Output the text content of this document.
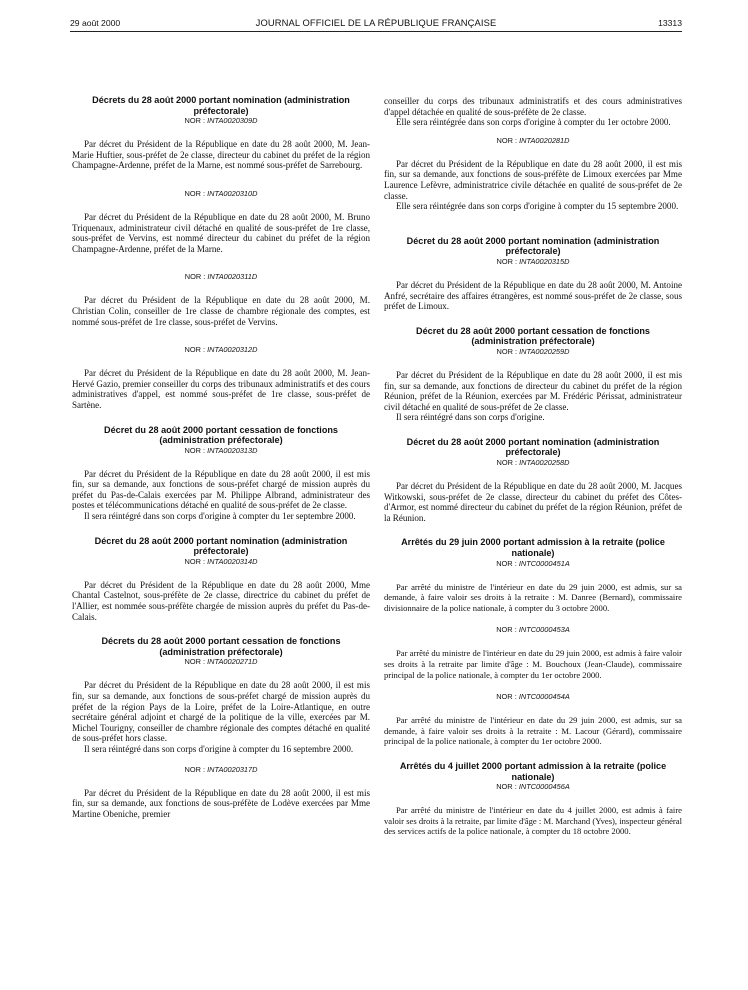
29 août 2000	JOURNAL OFFICIEL DE LA RÉPUBLIQUE FRANÇAISE	13313
Décrets du 28 août 2000 portant nomination (administration préfectorale)
NOR : INTA0020309D

Par décret du Président de la République en date du 28 août 2000, M. Jean-Marie Huftier, sous-préfet de 2e classe, directeur du cabinet du préfet de la région Champagne-Ardenne, préfet de la Marne, est nommé sous-préfet de Sarrebourg.

NOR : INTA0020310D

Par décret du Président de la République en date du 28 août 2000, M. Bruno Triquenaux, administrateur civil détaché en qualité de sous-préfet de 1re classe, sous-préfet de Vervins, est nommé directeur du cabinet du préfet de la région Champagne-Ardenne, préfet de la Marne.

NOR : INTA0020311D

Par décret du Président de la République en date du 28 août 2000, M. Christian Colin, conseiller de 1re classe de chambre régionale des comptes, est nommé sous-préfet de 1re classe, sous-préfet de Vervins.

NOR : INTA0020312D

Par décret du Président de la République en date du 28 août 2000, M. Jean-Hervé Gazio, premier conseiller du corps des tribunaux administratifs et des cours administratives d'appel, est nommé sous-préfet de 1re classe, sous-préfet de Sartène.

Décret du 28 août 2000 portant cessation de fonctions (administration préfectorale)
NOR : INTA0020313D

Par décret du Président de la République en date du 28 août 2000, il est mis fin, sur sa demande, aux fonctions de sous-préfet chargé de mission auprès du préfet du Pas-de-Calais exercées par M. Philippe Albrand, administrateur des postes et télécommunications détaché en qualité de sous-préfet de 2e classe.

Il sera réintégré dans son corps d'origine à compter du 1er septembre 2000.

Décret du 28 août 2000 portant nomination (administration préfectorale)
NOR : INTA0020314D

Par décret du Président de la République en date du 28 août 2000, Mme Chantal Castelnot, sous-préfète de 2e classe, directrice du cabinet du préfet de l'Allier, est nommée sous-préfète chargée de mission auprès du préfet du Pas-de-Calais.

Décrets du 28 août 2000 portant cessation de fonctions (administration préfectorale)
NOR : INTA0020271D

Par décret du Président de la République en date du 28 août 2000, il est mis fin, sur sa demande, aux fonctions de sous-préfet chargé de mission auprès du préfet de la région Pays de la Loire, préfet de la Loire-Atlantique, en outre secrétaire général adjoint et chargé de la politique de la ville, exercées par M. Michel Tourigny, conseiller de chambre régionale des comptes détaché en qualité de sous-préfet hors classe.

Il sera réintégré dans son corps d'origine à compter du 16 septembre 2000.

NOR : INTA0020317D

Par décret du Président de la République en date du 28 août 2000, il est mis fin, sur sa demande, aux fonctions de sous-préfète de Lodève exercées par Mme Martine Obeniche, premier

conseiller du corps des tribunaux administratifs et des cours administratives d'appel détachée en qualité de sous-préfète de 2e classe.

Elle sera réintégrée dans son corps d'origine à compter du 1er octobre 2000.

NOR : INTA0020281D

Par décret du Président de la République en date du 28 août 2000, il est mis fin, sur sa demande, aux fonctions de sous-préfète de Limoux exercées par Mme Laurence Lefèvre, administratrice civile détachée en qualité de sous-préfet de 2e classe.

Elle sera réintégrée dans son corps d'origine à compter du 15 septembre 2000.

Décret du 28 août 2000 portant nomination (administration préfectorale)
NOR : INTA0020315D

Par décret du Président de la République en date du 28 août 2000, M. Antoine Anfré, secrétaire des affaires étrangères, est nommé sous-préfet de 2e classe, sous préfet de Limoux.

Décret du 28 août 2000 portant cessation de fonctions (administration préfectorale)
NOR : INTA0020259D

Par décret du Président de la République en date du 28 août 2000, il est mis fin, sur sa demande, aux fonctions de directeur du cabinet du préfet de la région Réunion, préfet de la Réunion, exercées par M. Frédéric Périssat, administrateur civil détaché en qualité de sous-préfet de 2e classe.

Il sera réintégré dans son corps d'origine.

Décret du 28 août 2000 portant nomination (administration préfectorale)
NOR : INTA0020258D

Par décret du Président de la République en date du 28 août 2000, M. Jacques Witkowski, sous-préfet de 2e classe, directeur du cabinet du préfet des Côtes-d'Armor, est nommé directeur du cabinet du préfet de la région Réunion, préfet de la Réunion.

Arrêtés du 29 juin 2000 portant admission à la retraite (police nationale)
NOR : INTC0000451A

Par arrêté du ministre de l'intérieur en date du 29 juin 2000, est admis, sur sa demande, à faire valoir ses droits à la retraite : M. Danree (Bernard), commissaire divisionnaire de la police nationale, à compter du 3 octobre 2000.

NOR : INTC0000453A

Par arrêté du ministre de l'intérieur en date du 29 juin 2000, est admis à faire valoir ses droits à la retraite par limite d'âge : M. Bouchoux (Jean-Claude), commissaire principal de la police nationale, à compter du 1er octobre 2000.

NOR : INTC0000454A

Par arrêté du ministre de l'intérieur en date du 29 juin 2000, est admis, sur sa demande, à faire valoir ses droits à la retraite : M. Lacour (Gérard), commissaire principal de la police nationale, à compter du 1er octobre 2000.

Arrêtés du 4 juillet 2000 portant admission à la retraite (police nationale)
NOR : INTC0000456A

Par arrêté du ministre de l'intérieur en date du 4 juillet 2000, est admis à faire valoir ses droits à la retraite, par limite d'âge : M. Marchand (Yves), inspecteur général des services actifs de la police nationale, à compter du 18 octobre 2000.
